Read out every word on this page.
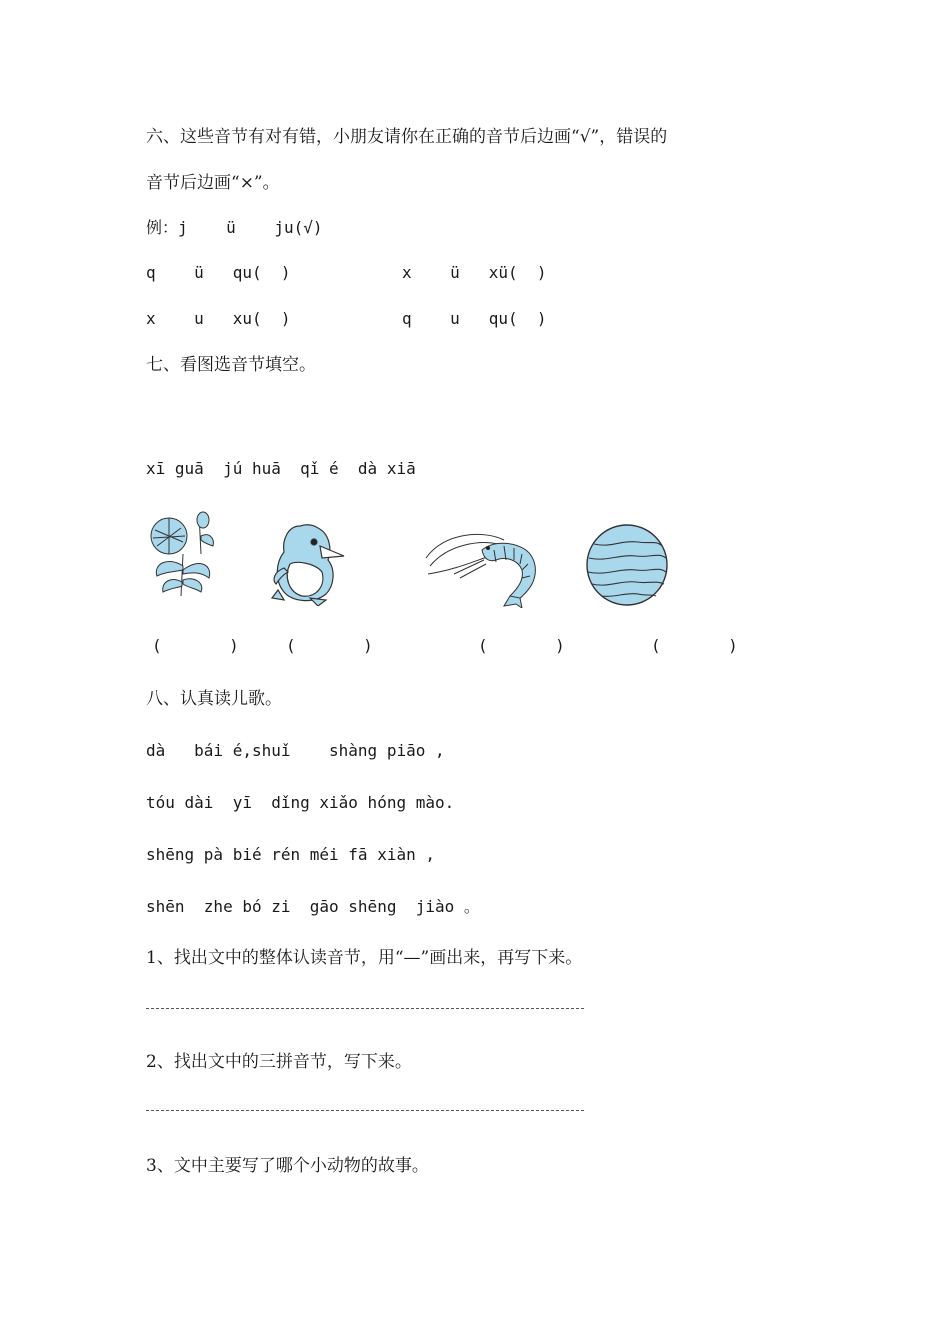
六、这些音节有对有错，小朋友请你在正确的音节后边画“√”，错误的
音节后边画“×”。
例：j    ü    ju(√)
q    ü   qu(  )	x    ü   xü(  )
x    u   xu(  )	q    u   qu(  )
七、看图选音节填空。
xī guā  jú huā  qǐ é  dà xiā
(       )	(       )	(       )	(       )
八、认真读儿歌。
dà   bái é,shuǐ    shàng piāo ,
tóu dài  yī  dǐng xiǎo hóng mào.
shēng pà bié rén méi fā xiàn ,
shēn  zhe bó zi  gāo shēng  jiào 。
1、找出文中的整体认读音节，用“—”画出来，再写下来。
2、找出文中的三拼音节，写下来。
3、文中主要写了哪个小动物的故事。
